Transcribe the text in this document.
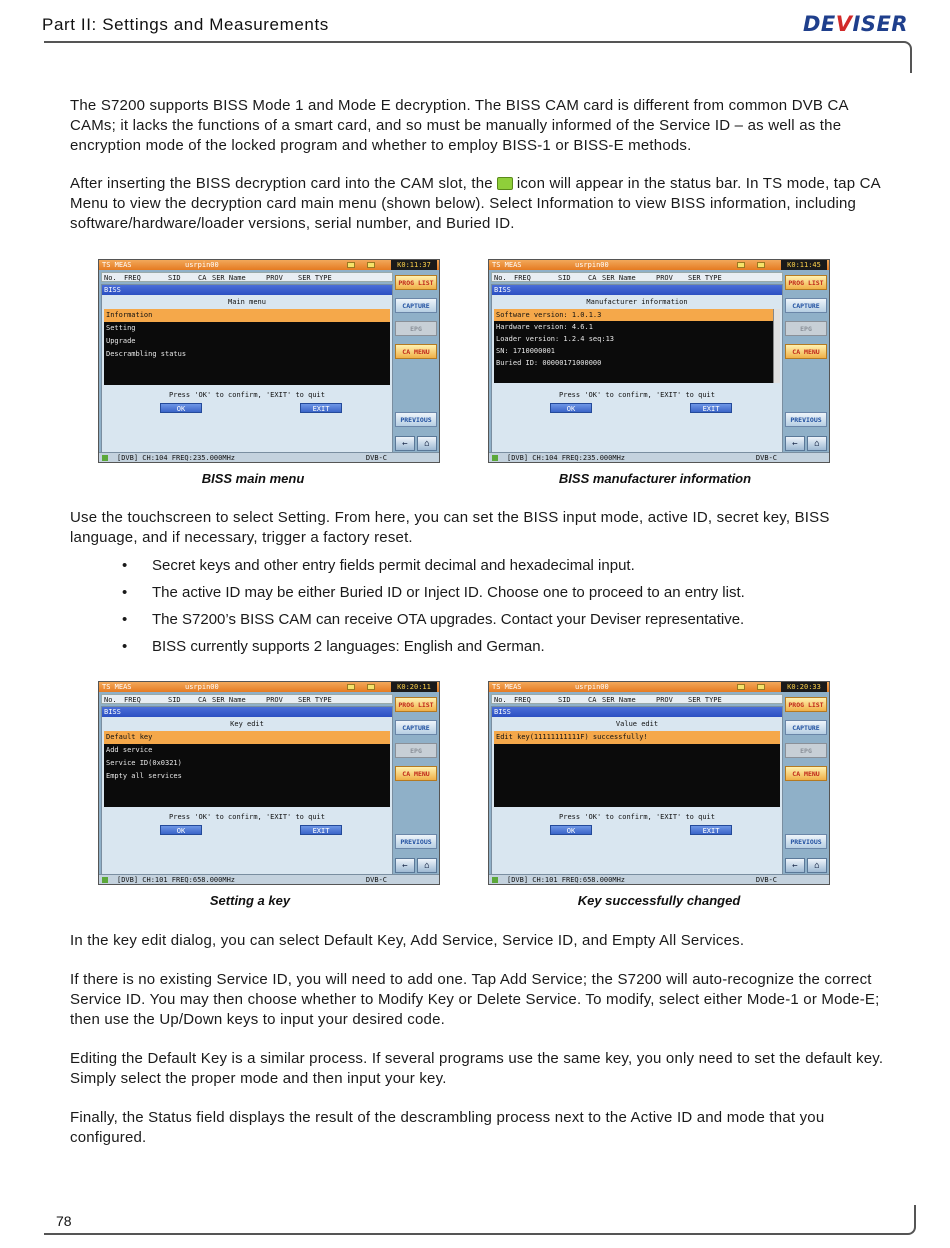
Part II: Settings and Measurements	DEVISER

The S7200 supports BISS Mode 1 and Mode E decryption. The BISS CAM card is different from common DVB CA CAMs; it lacks the functions of a smart card, and so must be manually informed of the Service ID – as well as the encryption mode of the locked program and whether to employ BISS-1 or BISS-E methods.

After inserting the BISS decryption card into the CAM slot, the icon will appear in the status bar. In TS mode, tap CA Menu to view the decryption card main menu (shown below). Select Information to view BISS information, including software/hardware/loader versions, serial number, and Buried ID.

TS MEAS	usrpin00	K0:11:37
No. FREQ	SID CA SER Name	PROV SER TYPE
BISS
Main menu
Information
Setting
Upgrade
Descrambling status
Press 'OK' to confirm, 'EXIT' to quit
OK	EXIT
PROG LIST
CAPTURE
EPG
CA MENU
PREVIOUS
←	⌂
[DVB] CH:104 FREQ:235.000MHz	DVB-C
BISS main menu
TS MEAS	usrpin00	K0:11:45
No. FREQ	SID CA SER Name	PROV SER TYPE
BISS
Manufacturer information
Software version: 1.0.1.3
Hardware version: 4.6.1
Loader version: 1.2.4 seq:13
SN: 1710000001
Buried ID: 00000171000000
Press 'OK' to confirm, 'EXIT' to quit
OK	EXIT
PROG LIST
CAPTURE
EPG
CA MENU
PREVIOUS
←	⌂
[DVB] CH:104 FREQ:235.000MHz	DVB-C
BISS manufacturer information

Use the touchscreen to select Setting. From here, you can set the BISS input mode, active ID, secret key, BISS language, and if necessary, trigger a factory reset.

• Secret keys and other entry fields permit decimal and hexadecimal input.
• The active ID may be either Buried ID or Inject ID. Choose one to proceed to an entry list.
• The S7200’s BISS CAM can receive OTA upgrades. Contact your Deviser representative.
• BISS currently supports 2 languages: English and German.
TS MEAS	usrpin00	K0:20:11
No. FREQ	SID CA SER Name	PROV SER TYPE
BISS
Key edit
Default key
Add service
Service ID(0x0321)
Empty all services
Press 'OK' to confirm, 'EXIT' to quit
OK	EXIT
PROG LIST
CAPTURE
EPG
CA MENU
PREVIOUS
←	⌂
[DVB] CH:101 FREQ:658.000MHz	DVB-C
Setting a key
TS MEAS	usrpin00	K0:20:33
No. FREQ	SID CA SER Name	PROV SER TYPE
BISS
Value edit
Edit key(11111111111F) successfully!
Press 'OK' to confirm, 'EXIT' to quit
OK	EXIT
PROG LIST
CAPTURE
EPG
CA MENU
PREVIOUS
←	⌂
[DVB] CH:101 FREQ:658.000MHz	DVB-C
Key successfully changed

In the key edit dialog, you can select Default Key, Add Service, Service ID, and Empty All Services.

If there is no existing Service ID, you will need to add one. Tap Add Service; the S7200 will auto-recognize the correct Service ID. You may then choose whether to Modify Key or Delete Service. To modify, select either Mode-1 or Mode-E; then use the Up/Down keys to input your desired code.

Editing the Default Key is a similar process. If several programs use the same key, you only need to set the default key. Simply select the proper mode and then input your key.

Finally, the Status field displays the result of the descrambling process next to the Active ID and mode that you configured.

78
